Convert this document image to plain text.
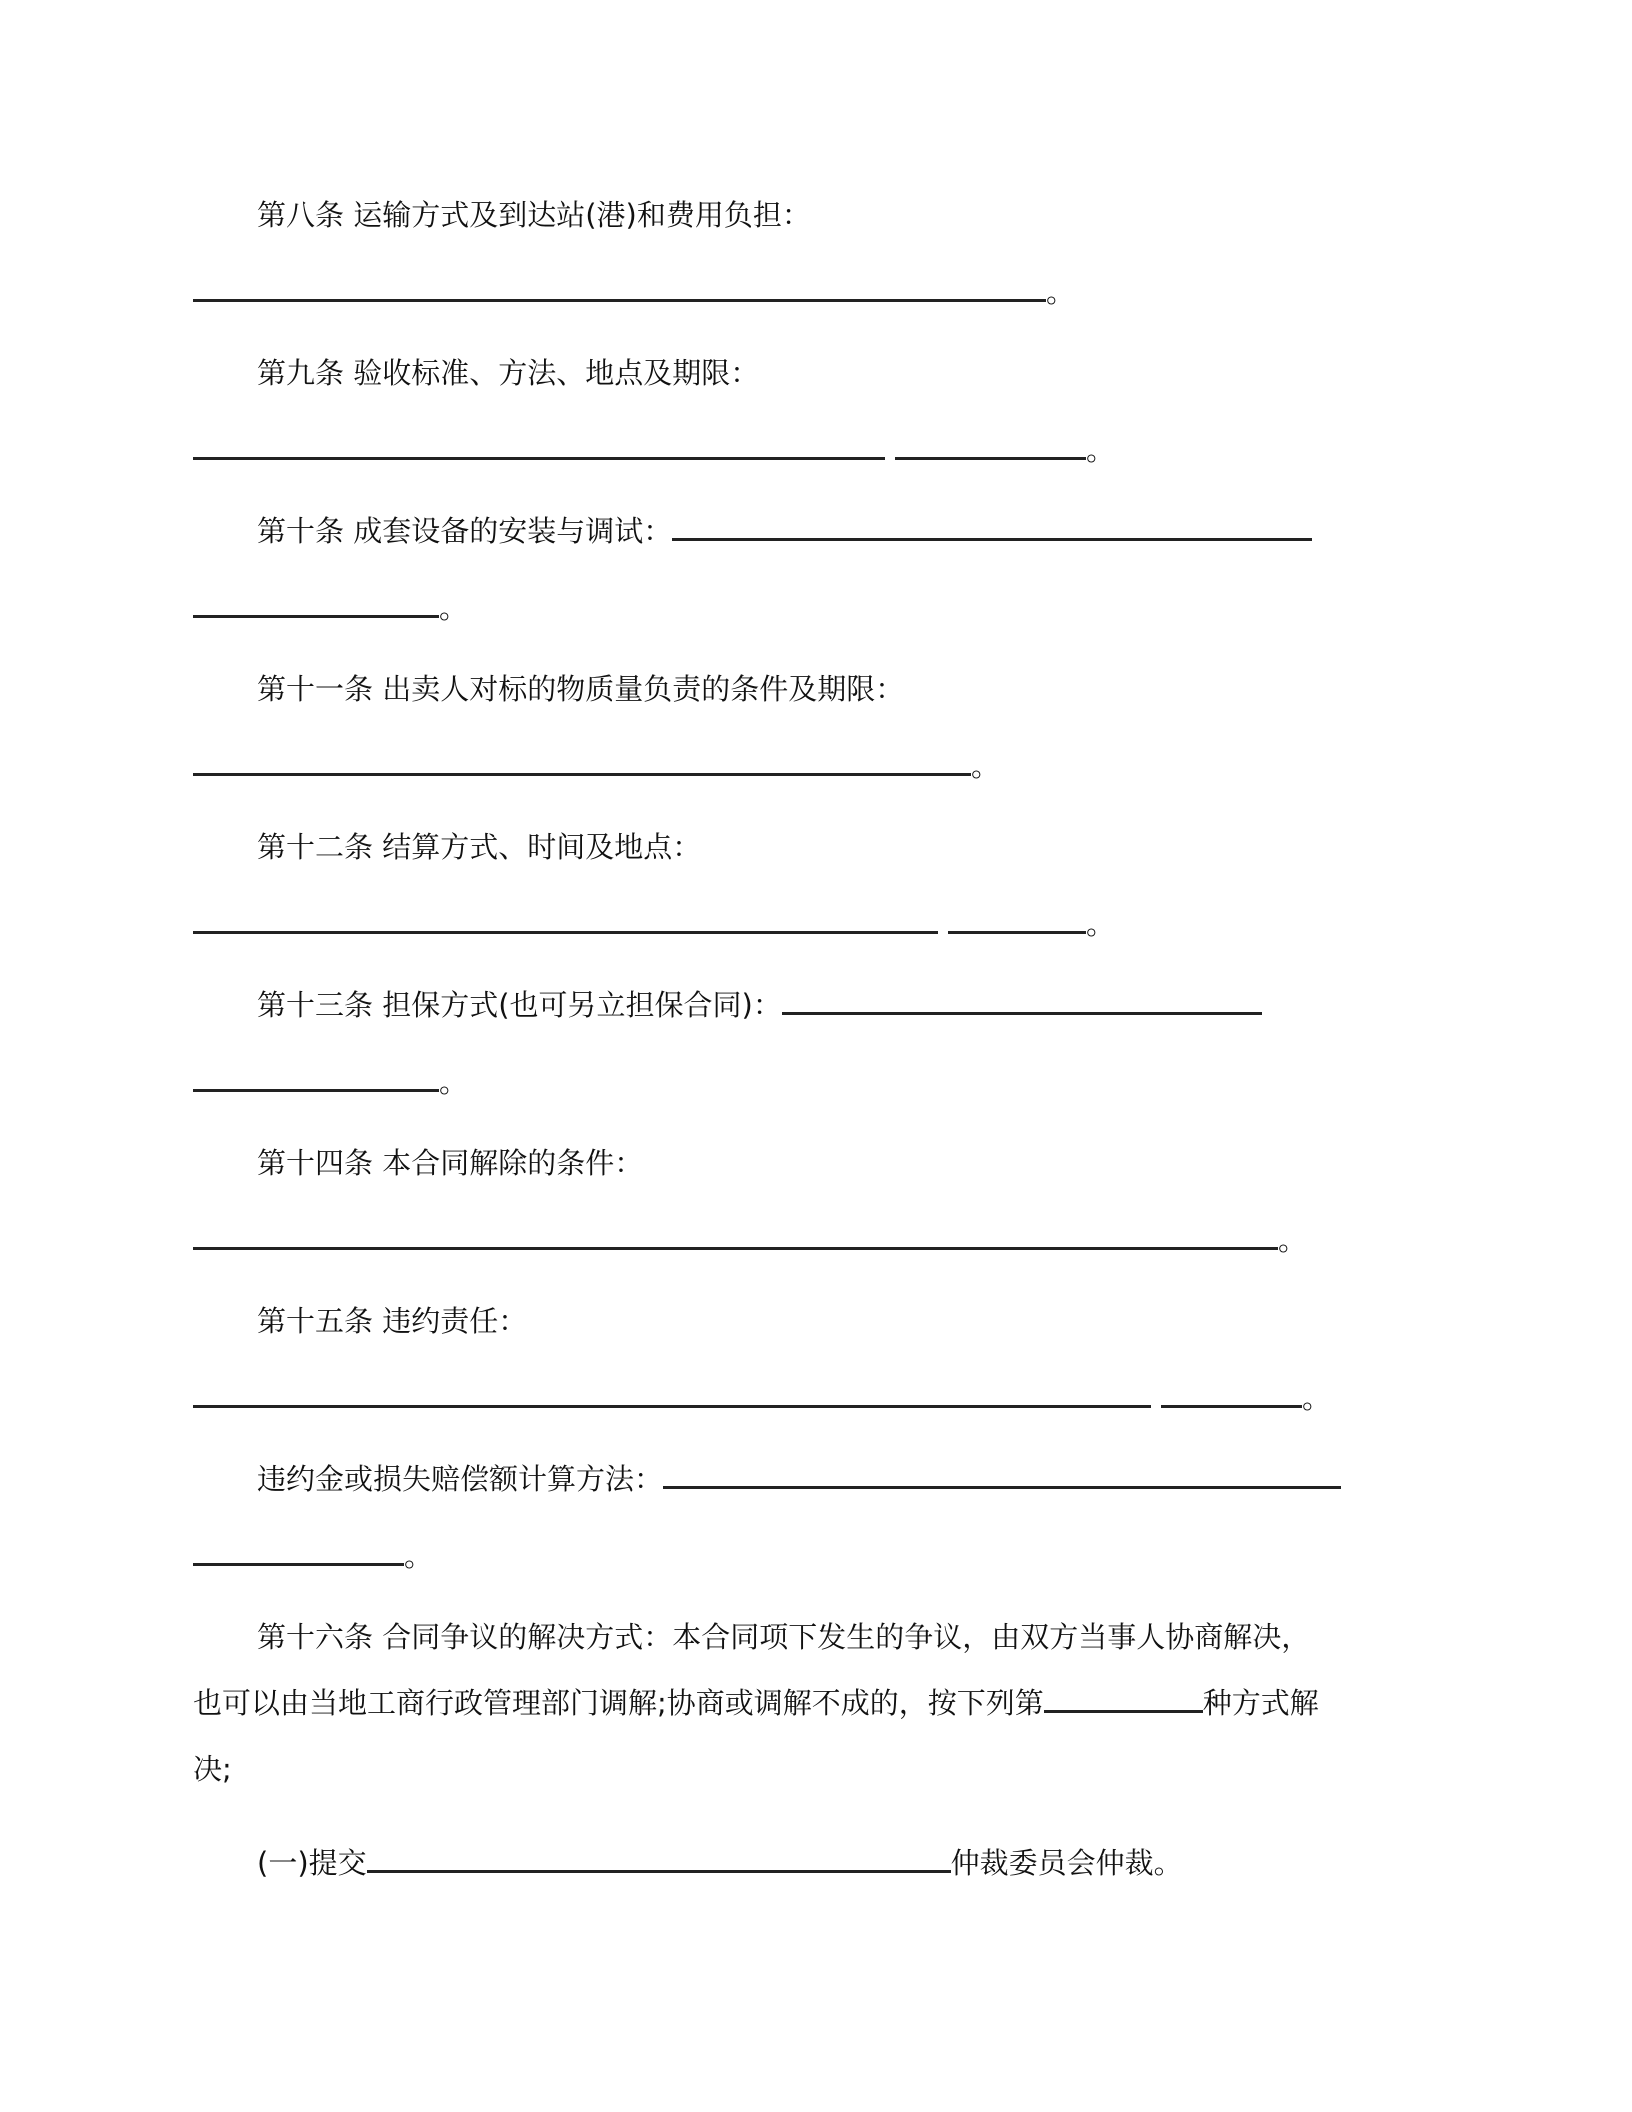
第八条 运输方式及到达站(港)和费用负担：
。
第九条 验收标准、方法、地点及期限：
。
第十条 成套设备的安装与调试：
。
第十一条 出卖人对标的物质量负责的条件及期限：
。
第十二条 结算方式、时间及地点：
。
第十三条 担保方式(也可另立担保合同)：
。
第十四条 本合同解除的条件：
。
第十五条 违约责任：
。
违约金或损失赔偿额计算方法：
。
第十六条 合同争议的解决方式：本合同项下发生的争议，由双方当事人协商解决，
也可以由当地工商行政管理部门调解;协商或调解不成的，按下列第	种方式解
决;
(一)提交	仲裁委员会仲裁。
